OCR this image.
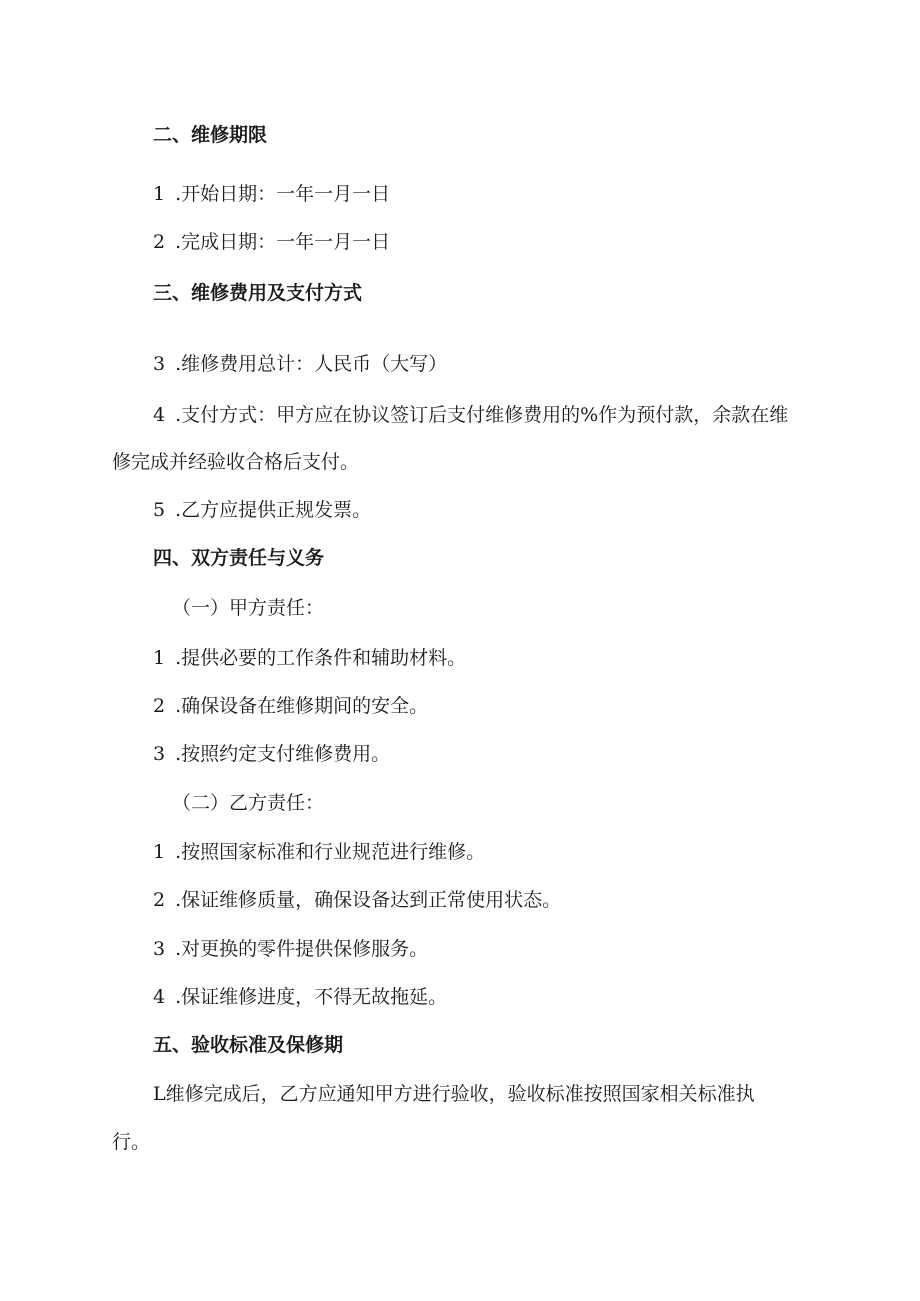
二、维修期限
1 .开始日期：一年一月一日
2 .完成日期：一年一月一日
三、维修费用及支付方式
3 .维修费用总计：人民币（大写）
4 .支付方式：甲方应在协议签订后支付维修费用的%作为预付款，余款在维
修完成并经验收合格后支付。
5 .乙方应提供正规发票。
四、双方责任与义务
（一）甲方责任：
1 .提供必要的工作条件和辅助材料。
2 .确保设备在维修期间的安全。
3 .按照约定支付维修费用。
（二）乙方责任：
1 .按照国家标准和行业规范进行维修。
2 .保证维修质量，确保设备达到正常使用状态。
3 .对更换的零件提供保修服务。
4 .保证维修进度，不得无故拖延。
五、验收标准及保修期
L维修完成后，乙方应通知甲方进行验收，验收标准按照国家相关标准执
行。
